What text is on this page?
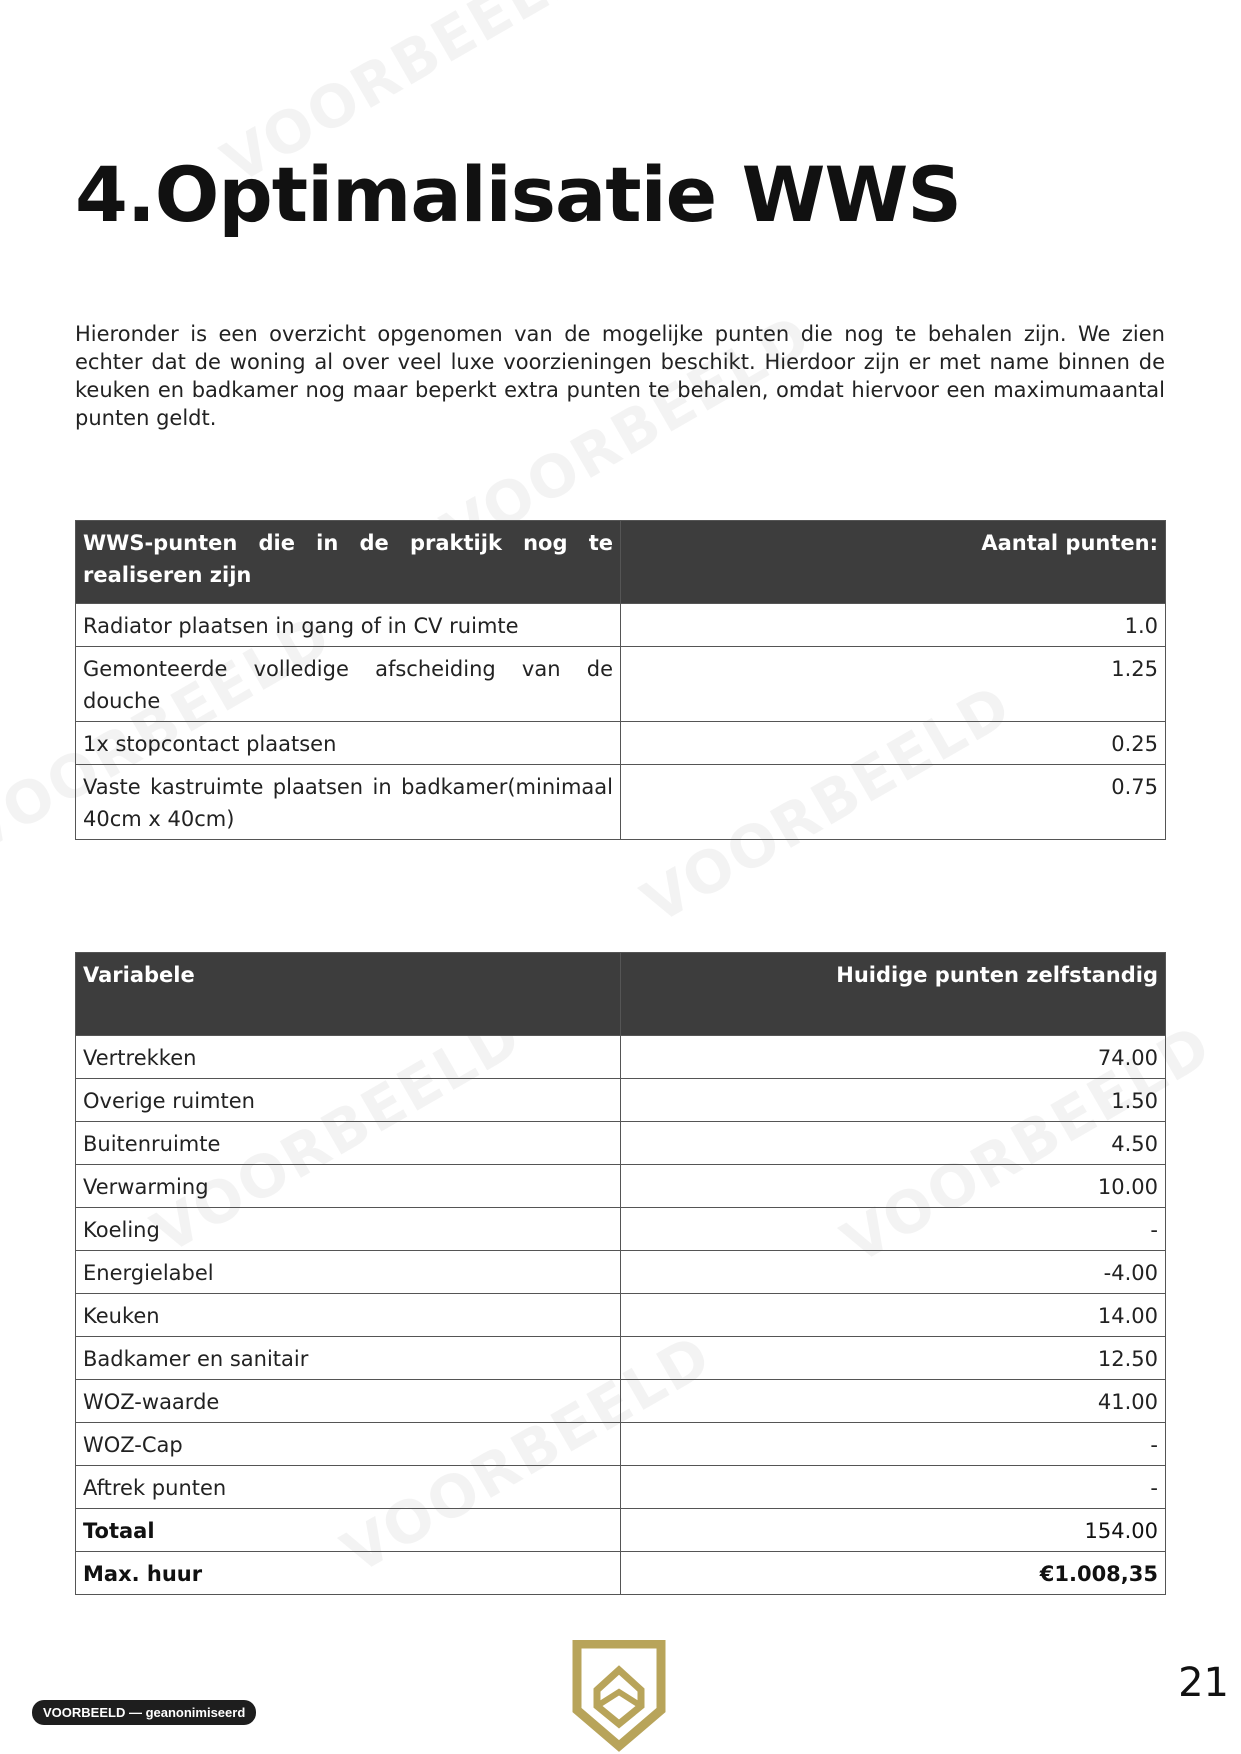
4.Optimalisatie WWS

Hieronder is een overzicht opgenomen van de mogelijke punten die nog te behalen zijn. We zien echter dat de woning al over veel luxe voorzieningen beschikt. Hierdoor zijn er met name binnen de keuken en badkamer nog maar beperkt extra punten te behalen, omdat hiervoor een maximumaantal punten geldt.

WWS-punten die in de praktijk nog te realiseren zijn	Aantal punten:
Radiator plaatsen in gang of in CV ruimte	1.0
Gemonteerde volledige afscheiding van de douche	1.25
1x stopcontact plaatsen	0.25
Vaste kastruimte plaatsen in badkamer(minimaal 40cm x 40cm)	0.75
Variabele	Huidige punten zelfstandig
Vertrekken	74.00
Overige ruimten	1.50
Buitenruimte	4.50
Verwarming	10.00
Koeling	-
Energielabel	-4.00
Keuken	14.00
Badkamer en sanitair	12.50
WOZ-waarde	41.00
WOZ-Cap	-
Aftrek punten	-
Totaal	154.00
Max. huur	€1.008,35
VOORBEELD — geanonimiseerd
21
